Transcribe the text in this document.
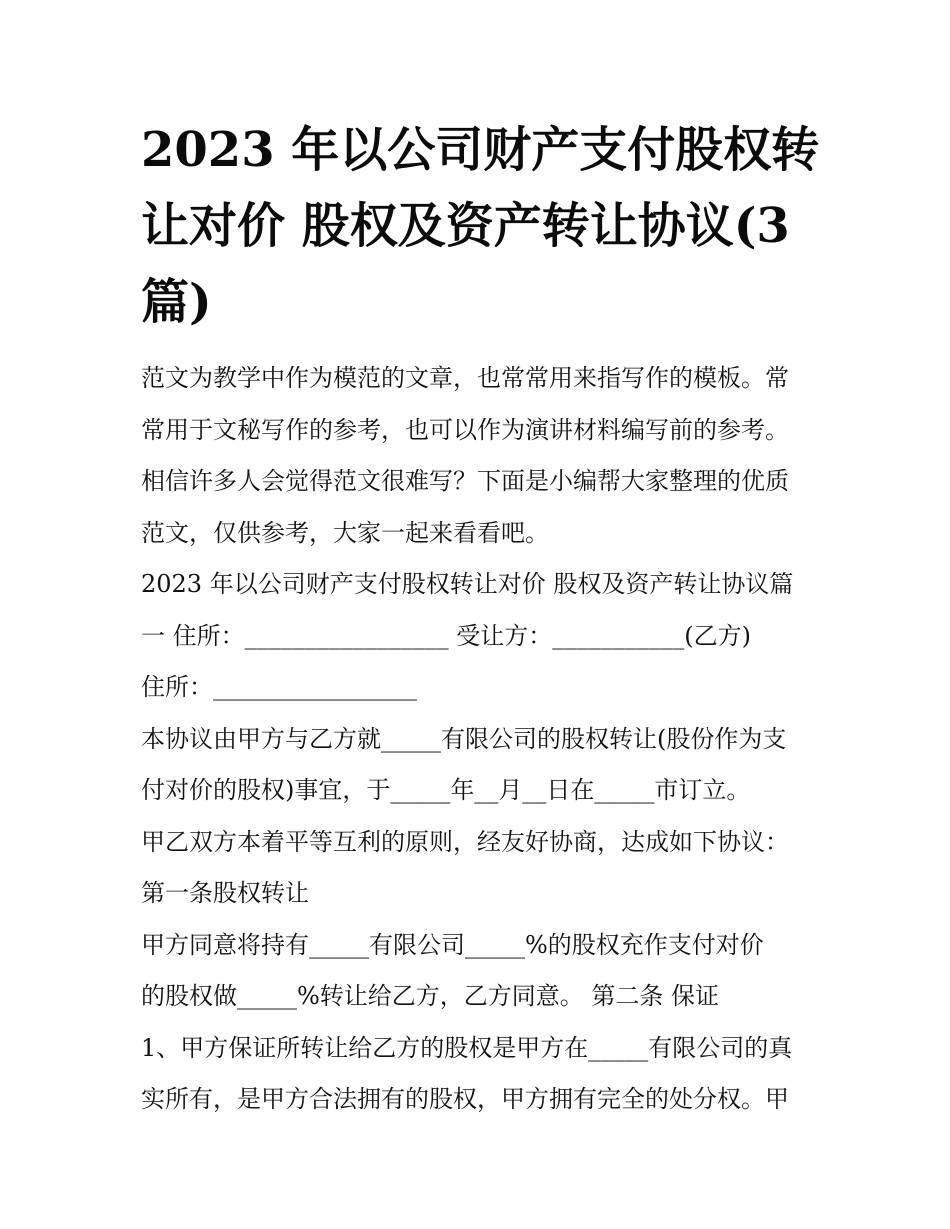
2023 年以公司财产支付股权转
让对价 股权及资产转让协议(3
篇)
范文为教学中作为模范的文章，也常常用来指写作的模板。常
常用于文秘写作的参考，也可以作为演讲材料编写前的参考。
相信许多人会觉得范文很难写？下面是小编帮大家整理的优质
范文，仅供参考，大家一起来看看吧。
2023 年以公司财产支付股权转让对价 股权及资产转让协议篇
一 住所：_________________ 受让方：___________(乙方)
住所：_________________
本协议由甲方与乙方就_____有限公司的股权转让(股份作为支
付对价的股权)事宜，于_____年__月__日在_____市订立。
甲乙双方本着平等互利的原则，经友好协商，达成如下协议：
第一条股权转让
甲方同意将持有_____有限公司_____%的股权充作支付对价
的股权做_____%转让给乙方，乙方同意。 第二条 保证
1、甲方保证所转让给乙方的股权是甲方在_____有限公司的真
实所有，是甲方合法拥有的股权，甲方拥有完全的处分权。甲
